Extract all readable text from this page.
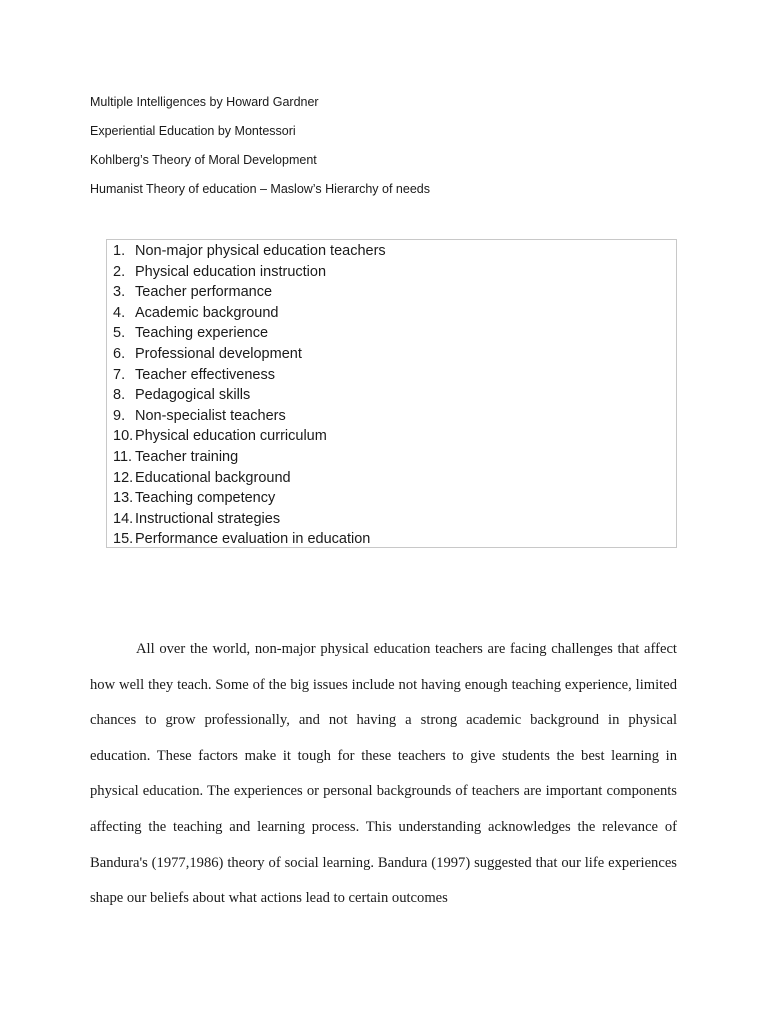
Multiple Intelligences by Howard Gardner
Experiential Education by Montessori
Kohlberg’s Theory of Moral Development
Humanist Theory of education – Maslow’s Hierarchy of needs
1. Non-major physical education teachers
2. Physical education instruction
3. Teacher performance
4. Academic background
5. Teaching experience
6. Professional development
7. Teacher effectiveness
8. Pedagogical skills
9. Non-specialist teachers
10. Physical education curriculum
11. Teacher training
12. Educational background
13. Teaching competency
14. Instructional strategies
15. Performance evaluation in education

All over the world, non-major physical education teachers are facing challenges that affect how well they teach. Some of the big issues include not having enough teaching experience, limited chances to grow professionally, and not having a strong academic background in physical education. These factors make it tough for these teachers to give students the best learning in physical education. The experiences or personal backgrounds of teachers are important components affecting the teaching and learning process. This understanding acknowledges the relevance of Bandura's (1977,1986) theory of social learning. Bandura (1997) suggested that our life experiences shape our beliefs about what actions lead to certain outcomes
